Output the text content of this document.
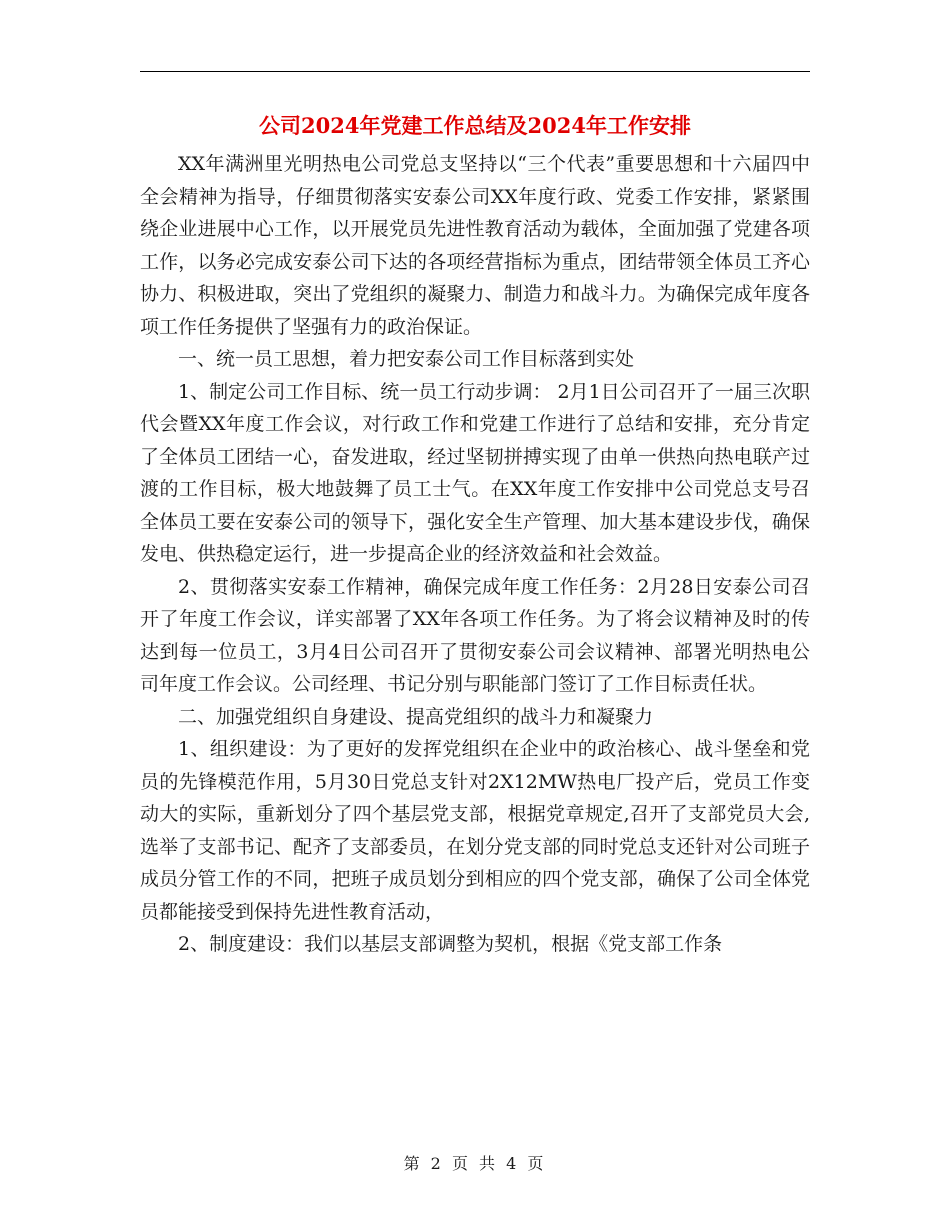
公司2024年党建工作总结及2024年工作安排

XX年满洲里光明热电公司党总支坚持以“三个代表”重要思想和十六届四中全会精神为指导，仔细贯彻落实安泰公司XX年度行政、党委工作安排，紧紧围绕企业进展中心工作，以开展党员先进性教育活动为载体，全面加强了党建各项工作，以务必完成安泰公司下达的各项经营指标为重点，团结带领全体员工齐心协力、积极进取，突出了党组织的凝聚力、制造力和战斗力。为确保完成年度各项工作任务提供了坚强有力的政治保证。

一、统一员工思想，着力把安泰公司工作目标落到实处

1、制定公司工作目标、统一员工行动步调： 2月1日公司召开了一届三次职代会暨XX年度工作会议，对行政工作和党建工作进行了总结和安排，充分肯定了全体员工团结一心，奋发进取，经过坚韧拼搏实现了由单一供热向热电联产过渡的工作目标，极大地鼓舞了员工士气。在XX年度工作安排中公司党总支号召全体员工要在安泰公司的领导下，强化安全生产管理、加大基本建设步伐，确保发电、供热稳定运行，进一步提高企业的经济效益和社会效益。

2、贯彻落实安泰工作精神，确保完成年度工作任务：2月28日安泰公司召开了年度工作会议，详实部署了XX年各项工作任务。为了将会议精神及时的传达到每一位员工，3月4日公司召开了贯彻安泰公司会议精神、部署光明热电公司年度工作会议。公司经理、书记分别与职能部门签订了工作目标责任状。

二、加强党组织自身建设、提高党组织的战斗力和凝聚力

1、组织建设：为了更好的发挥党组织在企业中的政治核心、战斗堡垒和党员的先锋模范作用，5月30日党总支针对2X12MW热电厂投产后，党员工作变动大的实际，重新划分了四个基层党支部，根据党章规定,召开了支部党员大会,选举了支部书记、配齐了支部委员，在划分党支部的同时党总支还针对公司班子成员分管工作的不同，把班子成员划分到相应的四个党支部，确保了公司全体党员都能接受到保持先进性教育活动，

2、制度建设：我们以基层支部调整为契机，根据《党支部工作条

第 2 页 共 4 页
